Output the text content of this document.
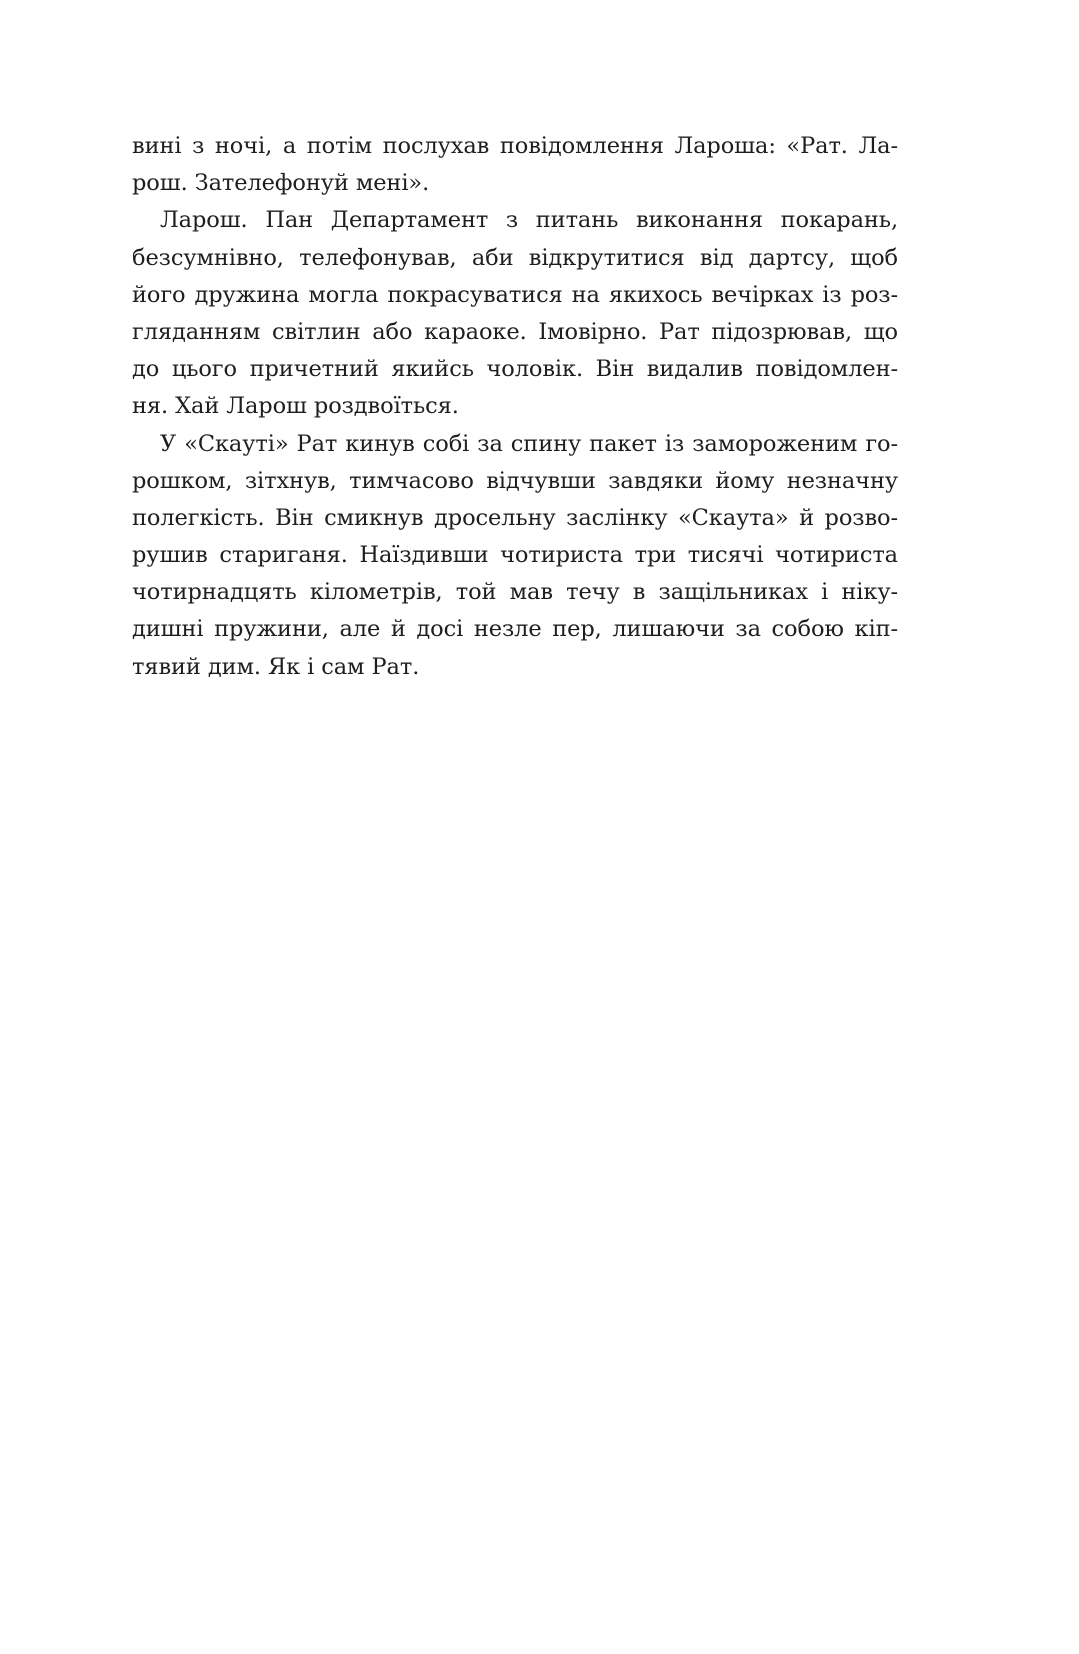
вині з ночі, а потім послухав повідомлення Лароша: «Рат. Ла-
рош. Зателефонуй мені».
Ларош. Пан Департамент з питань виконання покарань,
безсумнівно, телефонував, аби відкрутитися від дартсу, щоб
його дружина могла покрасуватися на якихось вечірках із роз-
гляданням світлин або караоке. Імовірно. Рат підозрював, що
до цього причетний якийсь чоловік. Він видалив повідомлен-
ня. Хай Ларош роздвоїться.
У «Скауті» Рат кинув собі за спину пакет із замороженим го-
рошком, зітхнув, тимчасово відчувши завдяки йому незначну
полегкість. Він смикнув дросельну заслінку «Скаута» й розво-
рушив стариганя. Наїздивши чотириста три тисячі чотириста
чотирнадцять кілометрів, той мав течу в защільниках і ніку-
дишні пружини, але й досі незле пер, лишаючи за собою кіп-
тявий дим. Як і сам Рат.
